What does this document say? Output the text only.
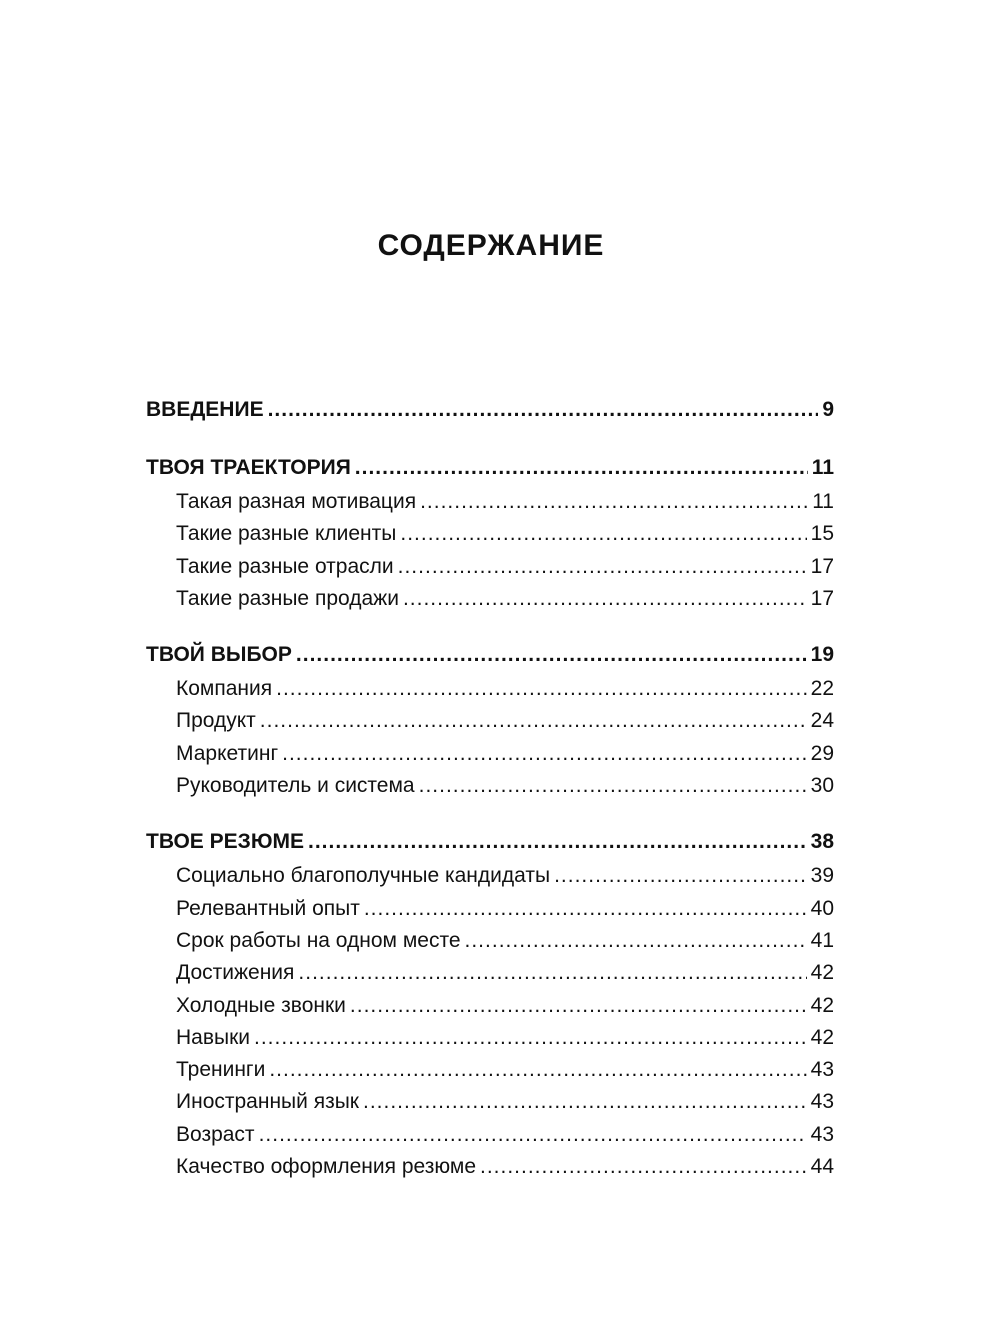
СОДЕРЖАНИЕ
ВВЕДЕНИЕ .....	9
ТВОЯ ТРАЕКТОРИЯ .....	11
Такая разная мотивация .....	11
Такие разные клиенты .....	15
Такие разные отрасли .....	17
Такие разные продажи .....	17
ТВОЙ ВЫБОР .....	19
Компания .....	22
Продукт .....	24
Маркетинг .....	29
Руководитель и система .....	30
ТВОЕ РЕЗЮМЕ .....	38
Социально благополучные кандидаты .....	39
Релевантный опыт .....	40
Срок работы на одном месте .....	41
Достижения .....	42
Холодные звонки .....	42
Навыки .....	42
Тренинги .....	43
Иностранный язык .....	43
Возраст .....	43
Качество оформления резюме .....	44
